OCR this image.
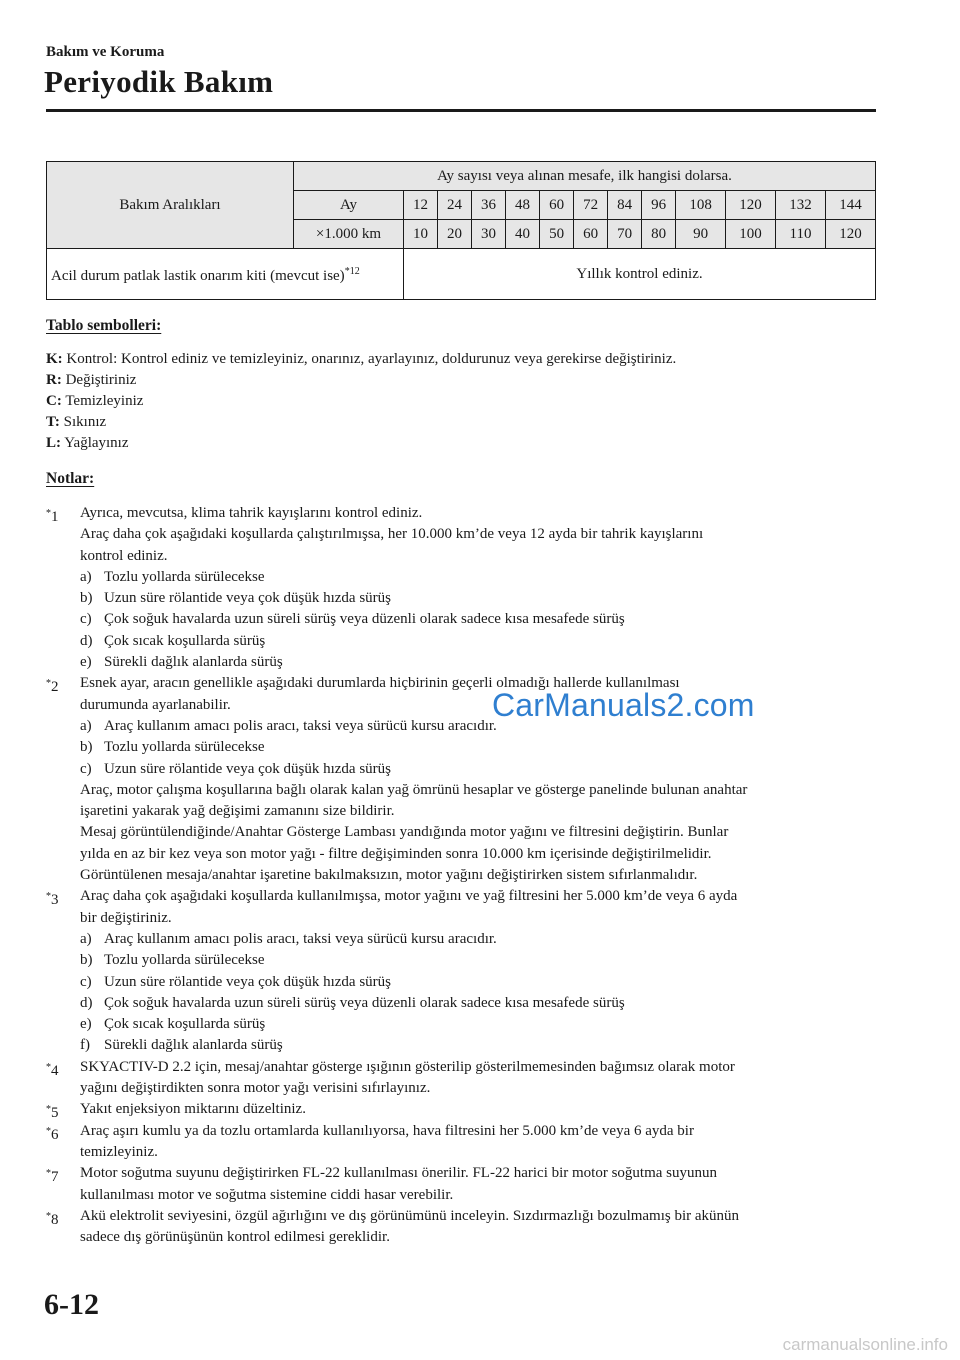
Bakım ve Koruma
Periyodik Bakım
Bakım Aralıkları	Ay sayısı veya alınan mesafe, ilk hangisi dolarsa.												
	Ay	12	24	36	48	60	72	84	96	108	120	132	144
	×1.000 km	10	20	30	40	50	60	70	80	90	100	110	120
Acil durum patlak lastik onarım kiti (mevcut ise)$^{*12}$		Yıllık kontrol ediniz.											
Tablo sembolleri:
K: Kontrol: Kontrol ediniz ve temizleyiniz, onarınız, ayarlayınız, doldurunuz veya gerekirse değiştiriniz.
R: Değiştiriniz
C: Temizleyiniz
T: Sıkınız
L: Yağlayınız
Notlar:
*1 Ayrıca, mevcutsa, klima tahrik kayışlarını kontrol ediniz.
Araç daha çok aşağıdaki koşullarda çalıştırılmışsa, her 10.000 km’de veya 12 ayda bir tahrik kayışlarını
kontrol ediniz.
a) Tozlu yollarda sürülecekse
b) Uzun süre rölantide veya çok düşük hızda sürüş
c) Çok soğuk havalarda uzun süreli sürüş veya düzenli olarak sadece kısa mesafede sürüş
d) Çok sıcak koşullarda sürüş
e) Sürekli dağlık alanlarda sürüş
*2 Esnek ayar, aracın genellikle aşağıdaki durumlarda hiçbirinin geçerli olmadığı hallerde kullanılması
durumunda ayarlanabilir.
a) Araç kullanım amacı polis aracı, taksi veya sürücü kursu aracıdır.
b) Tozlu yollarda sürülecekse
c) Uzun süre rölantide veya çok düşük hızda sürüş
Araç, motor çalışma koşullarına bağlı olarak kalan yağ ömrünü hesaplar ve gösterge panelinde bulunan anahtar
işaretini yakarak yağ değişimi zamanını size bildirir.
Mesaj görüntülendiğinde/Anahtar Gösterge Lambası yandığında motor yağını ve filtresini değiştirin. Bunlar
yılda en az bir kez veya son motor yağı - filtre değişiminden sonra 10.000 km içerisinde değiştirilmelidir.
Görüntülenen mesaja/anahtar işaretine bakılmaksızın, motor yağını değiştirirken sistem sıfırlanmalıdır.
*3 Araç daha çok aşağıdaki koşullarda kullanılmışsa, motor yağını ve yağ filtresini her 5.000 km’de veya 6 ayda
bir değiştiriniz.
a) Araç kullanım amacı polis aracı, taksi veya sürücü kursu aracıdır.
b) Tozlu yollarda sürülecekse
c) Uzun süre rölantide veya çok düşük hızda sürüş
d) Çok soğuk havalarda uzun süreli sürüş veya düzenli olarak sadece kısa mesafede sürüş
e) Çok sıcak koşullarda sürüş
f) Sürekli dağlık alanlarda sürüş
*4 SKYACTIV-D 2.2 için, mesaj/anahtar gösterge ışığının gösterilip gösterilmemesinden bağımsız olarak motor
yağını değiştirdikten sonra motor yağı verisini sıfırlayınız.
*5 Yakıt enjeksiyon miktarını düzeltiniz.
*6 Araç aşırı kumlu ya da tozlu ortamlarda kullanılıyorsa, hava filtresini her 5.000 km’de veya 6 ayda bir
temizleyiniz.
*7 Motor soğutma suyunu değiştirirken FL-22 kullanılması önerilir. FL-22 harici bir motor soğutma suyunun
kullanılması motor ve soğutma sistemine ciddi hasar verebilir.
*8 Akü elektrolit seviyesini, özgül ağırlığını ve dış görünümünü inceleyin. Sızdırmazlığı bozulmamış bir akünün
sadece dış görünüşünün kontrol edilmesi gereklidir.
CarManuals2.com
6-12
carmanualsonline.info
